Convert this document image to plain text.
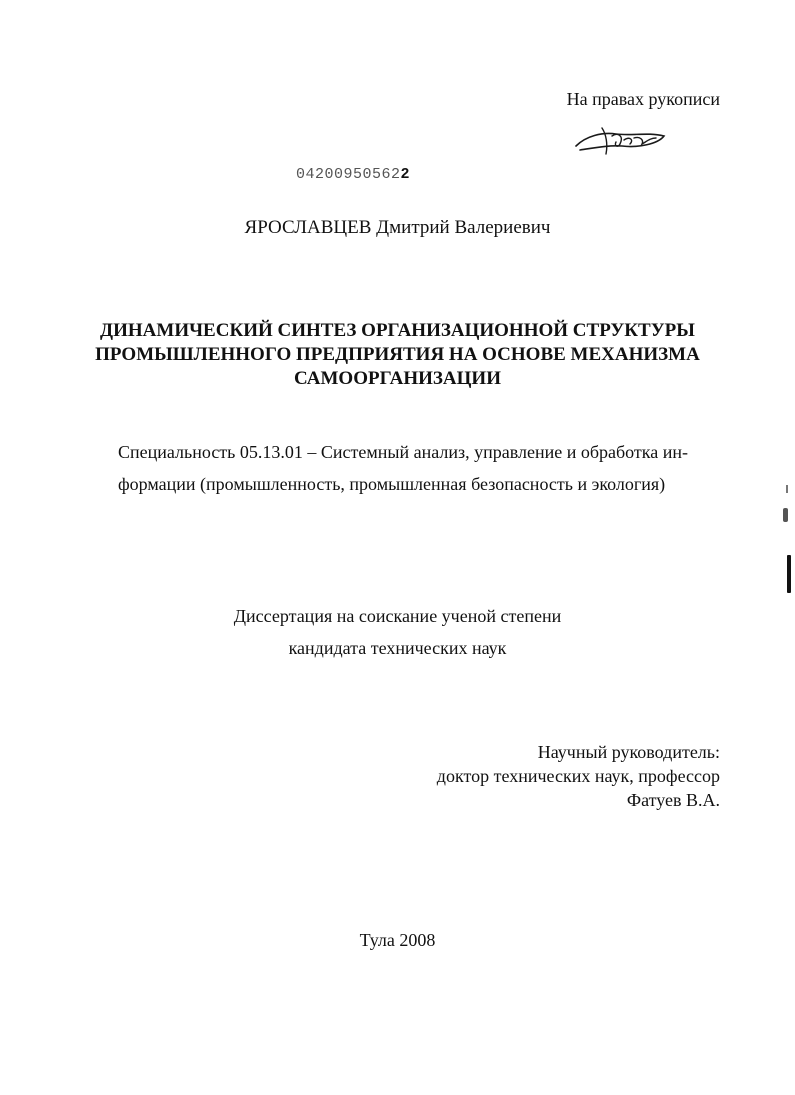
На правах рукописи
042009505622
ЯРОСЛАВЦЕВ Дмитрий Валериевич
ДИНАМИЧЕСКИЙ СИНТЕЗ ОРГАНИЗАЦИОННОЙ СТРУКТУРЫ
ПРОМЫШЛЕННОГО ПРЕДПРИЯТИЯ НА ОСНОВЕ МЕХАНИЗМА
САМООРГАНИЗАЦИИ
Специальность 05.13.01 – Системный анализ, управление и обработка ин-
формации (промышленность, промышленная безопасность и экология)
Диссертация на соискание ученой степени
кандидата технических наук
Научный руководитель:
доктор технических наук, профессор
Фатуев В.А.
Тула 2008
